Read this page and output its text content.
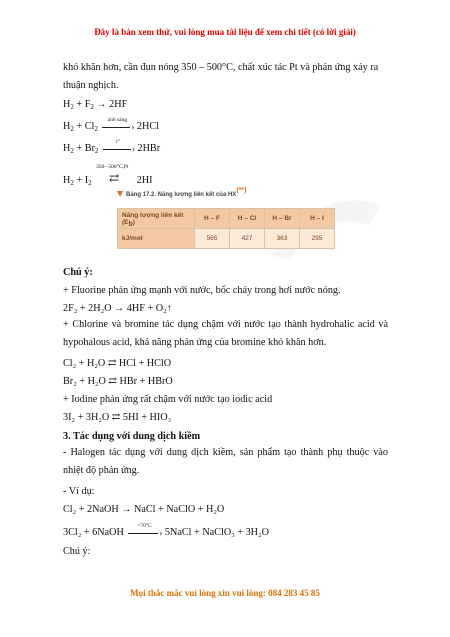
Đây là bản xem thử, vui lòng mua tài liệu để xem chi tiết (có lời giải)
khó khăn hơn, cần đun nóng 350 – 500°C, chất xúc tác Pt và phản ứng xảy ra
thuận nghịch.
$H_2 + F_2 \to 2HF$
$H_2 + Cl_2$
ánh sáng
› 2HCl
$H_2 + Br_2$
t°
› 2HBr
350– 500°C,Pt
$H_2 + I_2$ ⇄ 2HI
Bảng 17.2. Năng lượng liên kết của HX(**)
Năng lượng liên kết $(E_b)$	H – F	H – Cl	H – Br	H – I
kJ/mol	565	427	363	295
Chú ý:
+ Fluorine phản ứng mạnh với nước, bốc cháy trong hơi nước nóng.
2F₂ + 2H₂O → 4HF + O₂↑
+ Chlorine và bromine tác dụng chậm với nước tạo thành hydrohalic acid và hypohalous acid, khả năng phản ứng của bromine khó khăn hơn.
Cl₂ + H₂O ⇄ HCl + HClO
Br₂ + H₂O ⇄ HBr + HBrO
+ Iodine phản ứng rất chậm với nước tạo iodic acid
3I₂ + 3H₂O ⇄ 5HI + HIO₃
3. Tác dụng với dung dịch kiềm
- Halogen tác dụng với dung dịch kiềm, sản phẩm tạo thành phụ thuộc vào nhiệt độ phản ứng.
- Ví dụ:
Cl₂ + 2NaOH → NaCl + NaClO + H₂O
3Cl₂ + 6NaOH
>70°C
› 5NaCl + NaClO₃ + 3H₂O
Chú ý:
Mọi thắc mắc vui lòng xin vui lòng: 084 283 45 85
